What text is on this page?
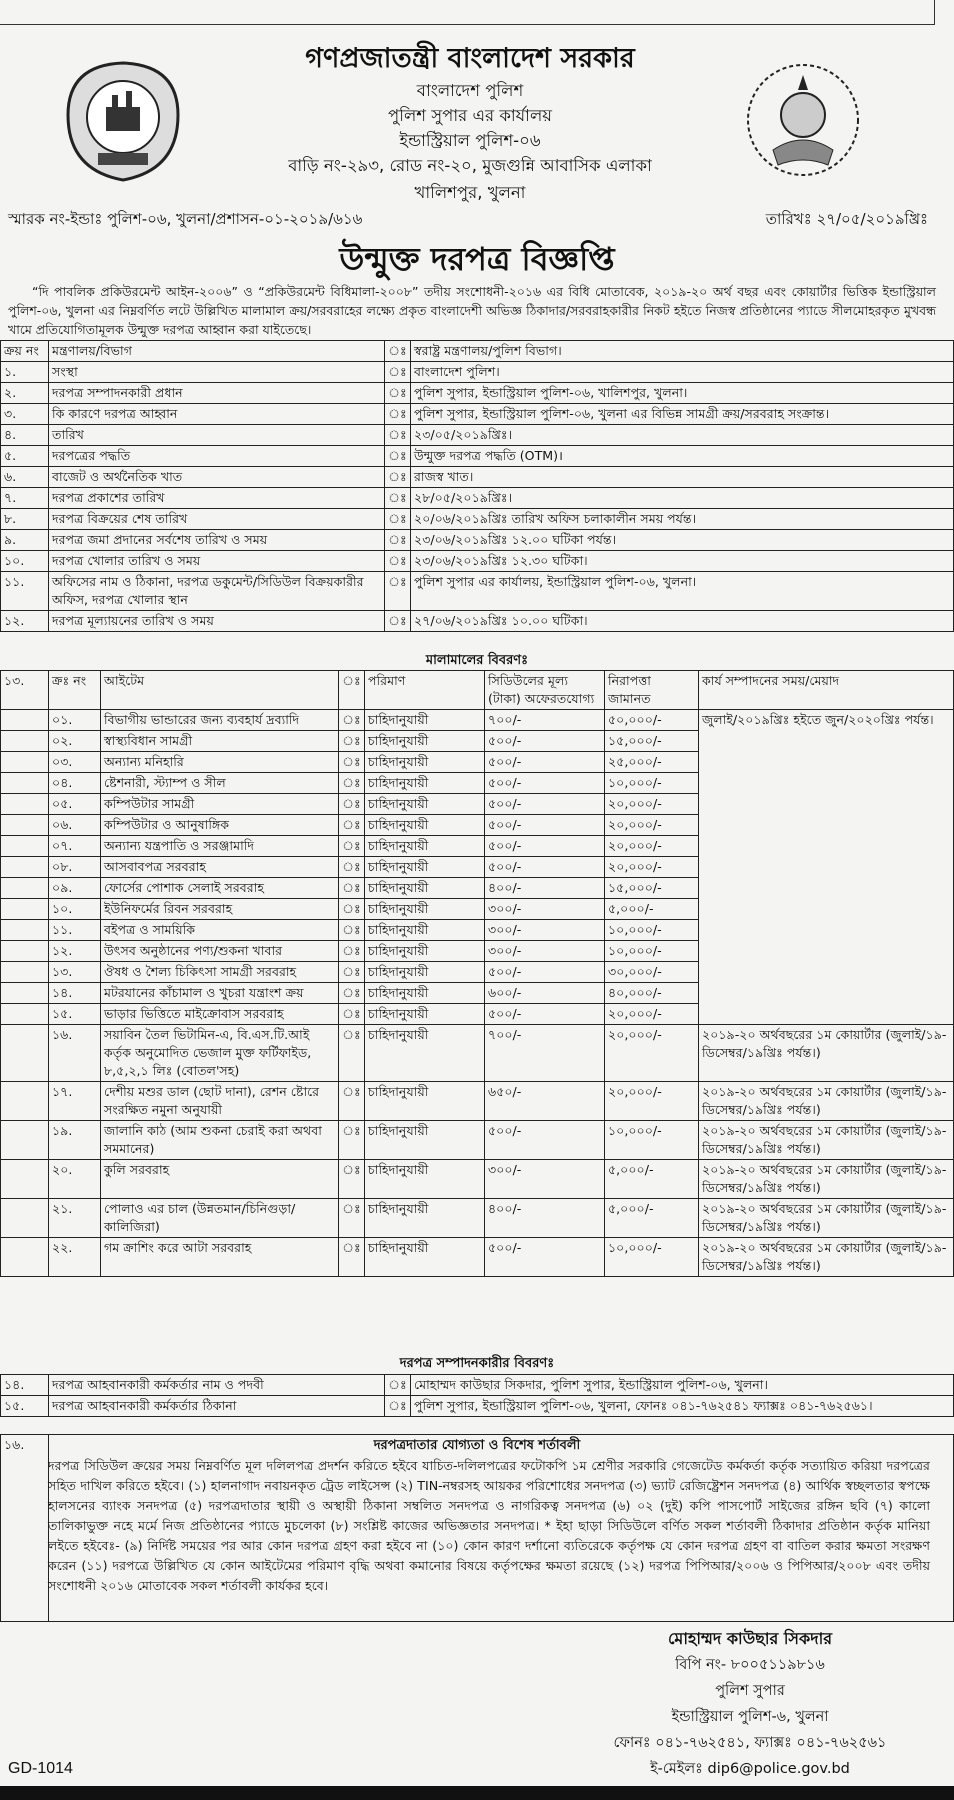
গণপ্রজাতন্ত্রী বাংলাদেশ সরকার
বাংলাদেশ পুলিশ
পুলিশ সুপার এর কার্যালয়
ইন্ডাস্ট্রিয়াল পুলিশ-০৬
বাড়ি নং-২৯৩, রোড নং-২০, মুজগুন্নি আবাসিক এলাকা
খালিশপুর, খুলনা
স্মারক নং-ইন্ডাঃ পুলিশ-০৬, খুলনা/প্রশাসন-০১-২০১৯/৬১৬	তারিখঃ ২৭/০৫/২০১৯খ্রিঃ
উন্মুক্ত দরপত্র বিজ্ঞপ্তি
“দি পাবলিক প্রকিউরমেন্ট আইন-২০০৬” ও “প্রকিউরমেন্ট বিধিমালা-২০০৮” তদীয় সংশোধনী-২০১৬ এর বিধি মোতাবেক, ২০১৯-২০ অর্থ বছর এবং কোয়ার্টার ভিত্তিক ইন্ডাস্ট্রিয়াল পুলিশ-০৬, খুলনা এর নিম্নবর্ণিত লটে উল্লিখিত মালামাল ক্রয়/সরবরাহের লক্ষ্যে প্রকৃত বাংলাদেশী অভিজ্ঞ ঠিকাদার/সরবরাহকারীর নিকট হইতে নিজস্ব প্রতিষ্ঠানের প্যাডে সীলমোহরকৃত মুখবন্ধ খামে প্রতিযোগিতামূলক উন্মুক্ত দরপত্র আহ্বান করা যাইতেছে।
ক্রয় নং	মন্ত্রণালয়/বিভাগ	ঃ	স্বরাষ্ট্র মন্ত্রণালয়/পুলিশ বিভাগ।
১.	সংস্থা	ঃ	বাংলাদেশ পুলিশ।
২.	দরপত্র সম্পাদনকারী প্রধান	ঃ	পুলিশ সুপার, ইন্ডাস্ট্রিয়াল পুলিশ-০৬, খালিশপুর, খুলনা।
৩.	কি কারণে দরপত্র আহ্বান	ঃ	পুলিশ সুপার, ইন্ডাস্ট্রিয়াল পুলিশ-০৬, খুলনা এর বিভিন্ন সামগ্রী ক্রয়/সরবরাহ সংক্রান্ত।
৪.	তারিখ	ঃ	২৩/০৫/২০১৯খ্রিঃ।
৫.	দরপত্রের পদ্ধতি	ঃ	উন্মুক্ত দরপত্র পদ্ধতি (OTM)।
৬.	বাজেট ও অর্থনৈতিক খাত	ঃ	রাজস্ব খাত।
৭.	দরপত্র প্রকাশের তারিখ	ঃ	২৮/০৫/২০১৯খ্রিঃ।
৮.	দরপত্র বিক্রয়ের শেষ তারিখ	ঃ	২০/০৬/২০১৯খ্রিঃ তারিখ অফিস চলাকালীন সময় পর্যন্ত।
৯.	দরপত্র জমা প্রদানের সর্বশেষ তারিখ ও সময়	ঃ	২৩/০৬/২০১৯খ্রিঃ ১২.০০ ঘটিকা পর্যন্ত।
১০.	দরপত্র খোলার তারিখ ও সময়	ঃ	২৩/০৬/২০১৯খ্রিঃ ১২.৩০ ঘটিকা।
১১.	অফিসের নাম ও ঠিকানা, দরপত্র ডকুমেন্ট/সিডিউল বিক্রয়কারীর অফিস, দরপত্র খোলার স্থান	ঃ	পুলিশ সুপার এর কার্যালয়, ইন্ডাস্ট্রিয়াল পুলিশ-০৬, খুলনা।
১২.	দরপত্র মূল্যায়নের তারিখ ও সময়	ঃ	২৭/০৬/২০১৯খ্রিঃ ১০.০০ ঘটিকা।
মালামালের বিবরণঃ
১৩.	ক্রঃ নং	আইটেম	ঃ	পরিমাণ	সিডিউলের মূল্য (টাকা) অফেরতযোগ্য	নিরাপত্তা জামানত	কার্য সম্পাদনের সময়/মেয়াদ
	০১.	বিভাগীয় ভান্ডারের জন্য ব্যবহার্য দ্রব্যাদি	ঃ	চাহিদানুযায়ী	৭০০/-	৫০,০০০/-	জুলাই/২০১৯খ্রিঃ হইতে জুন/২০২০খ্রিঃ পর্যন্ত।
	০২.	স্বাস্থ্যবিধান সামগ্রী	ঃ	চাহিদানুযায়ী	৫০০/-	১৫,০০০/-	
	০৩.	অন্যান্য মনিহারি	ঃ	চাহিদানুযায়ী	৫০০/-	২৫,০০০/-	
	০৪.	ষ্টেশনারী, স্ট্যাম্প ও সীল	ঃ	চাহিদানুযায়ী	৫০০/-	১০,০০০/-	
	০৫.	কম্পিউটার সামগ্রী	ঃ	চাহিদানুযায়ী	৫০০/-	২০,০০০/-	
	০৬.	কম্পিউটার ও আনুষাঙ্গিক	ঃ	চাহিদানুযায়ী	৫০০/-	২০,০০০/-	
	০৭.	অন্যান্য যন্ত্রপাতি ও সরঞ্জামাদি	ঃ	চাহিদানুযায়ী	৫০০/-	২০,০০০/-	
	০৮.	আসবাবপত্র সরবরাহ	ঃ	চাহিদানুযায়ী	৫০০/-	২০,০০০/-	
	০৯.	ফোর্সের পোশাক সেলাই সরবরাহ	ঃ	চাহিদানুযায়ী	৪০০/-	১৫,০০০/-	
	১০.	ইউনিফর্মের রিবন সরবরাহ	ঃ	চাহিদানুযায়ী	৩০০/-	৫,০০০/-	
	১১.	বইপত্র ও সাময়িকি	ঃ	চাহিদানুযায়ী	৩০০/-	১০,০০০/-	
	১২.	উৎসব অনুষ্ঠানের পণ্য/শুকনা খাবার	ঃ	চাহিদানুযায়ী	৩০০/-	১০,০০০/-	
	১৩.	ঔষধ ও শৈল্য চিকিৎসা সামগ্রী সরবরাহ	ঃ	চাহিদানুযায়ী	৫০০/-	৩০,০০০/-	
	১৪.	মটরযানের কাঁচামাল ও খুচরা যন্ত্রাংশ ক্রয়	ঃ	চাহিদানুযায়ী	৬০০/-	৪০,০০০/-	
	১৫.	ভাড়ার ভিত্তিতে মাইক্রোবাস সরবরাহ	ঃ	চাহিদানুযায়ী	৫০০/-	২০,০০০/-	
	১৬.	সয়াবিন তৈল ভিটামিন-এ, বি.এস.টি.আই কর্তৃক অনুমোদিত ভেজাল মুক্ত ফর্টিফাইড, ৮,৫,২,১ লিঃ (বোতল'সহ)	ঃ	চাহিদানুযায়ী	৭০০/-	২০,০০০/-	২০১৯-২০ অর্থবছরের ১ম কোয়ার্টার (জুলাই/১৯-ডিসেম্বর/১৯খ্রিঃ পর্যন্ত।)
	১৭.	দেশীয় মশুর ডাল (ছোট দানা), রেশন ষ্টোরে সংরক্ষিত নমুনা অনুযায়ী	ঃ	চাহিদানুযায়ী	৬৫০/-	২০,০০০/-	২০১৯-২০ অর্থবছরের ১ম কোয়ার্টার (জুলাই/১৯-ডিসেম্বর/১৯খ্রিঃ পর্যন্ত।)
	১৯.	জালানি কাঠ (আম শুকনা চেরাই করা অথবা সমমানের)	ঃ	চাহিদানুযায়ী	৫০০/-	১০,০০০/-	২০১৯-২০ অর্থবছরের ১ম কোয়ার্টার (জুলাই/১৯-ডিসেম্বর/১৯খ্রিঃ পর্যন্ত।)
	২০.	কুলি সরবরাহ	ঃ	চাহিদানুযায়ী	৩০০/-	৫,০০০/-	২০১৯-২০ অর্থবছরের ১ম কোয়ার্টার (জুলাই/১৯-ডিসেম্বর/১৯খ্রিঃ পর্যন্ত।)
	২১.	পোলাও এর চাল (উন্নতমান/চিনিগুড়া/কালিজিরা)	ঃ	চাহিদানুযায়ী	৪০০/-	৫,০০০/-	২০১৯-২০ অর্থবছরের ১ম কোয়ার্টার (জুলাই/১৯-ডিসেম্বর/১৯খ্রিঃ পর্যন্ত।)
	২২.	গম ক্রাশিং করে আটা সরবরাহ	ঃ	চাহিদানুযায়ী	৫০০/-	১০,০০০/-	২০১৯-২০ অর্থবছরের ১ম কোয়ার্টার (জুলাই/১৯-ডিসেম্বর/১৯খ্রিঃ পর্যন্ত।)
দরপত্র সম্পাদনকারীর বিবরণঃ
১৪.	দরপত্র আহবানকারী কর্মকর্তার নাম ও পদবী	ঃ	মোহাম্মদ কাউছার সিকদার, পুলিশ সুপার, ইন্ডাস্ট্রিয়াল পুলিশ-০৬, খুলনা।
১৫.	দরপত্র আহবানকারী কর্মকর্তার ঠিকানা	ঃ	পুলিশ সুপার, ইন্ডাস্ট্রিয়াল পুলিশ-০৬, খুলনা, ফোনঃ ০৪১-৭৬২৫৪১ ফ্যাক্সঃ ০৪১-৭৬২৫৬১।
১৬.		দরপত্রদাতার যোগ্যতা ও বিশেষ শর্তাবলী
দরপত্র সিডিউল ক্রয়ের সময় নিম্নবর্ণিত মূল দলিলপত্র প্রদর্শন করিতে হইবে যাচিত-দলিলপত্রের ফটোকপি ১ম শ্রেণীর সরকারি গেজেটেড কর্মকর্তা কর্তৃক সত্যায়িত করিয়া দরপত্রের সহিত দাখিল করিতে হইবে। (১) হালনাগাদ নবায়নকৃত ট্রেড লাইসেন্স (২) TIN-নম্বরসহ আয়কর পরিশোধের সনদপত্র (৩) ভ্যাট রেজিষ্ট্রেশন সনদপত্র (৪) আর্থিক স্বচ্ছলতার স্বপক্ষে হালসনের ব্যাংক সনদপত্র (৫) দরপত্রদাতার স্থায়ী ও অস্থায়ী ঠিকানা সম্বলিত সনদপত্র ও নাগরিকত্ব সনদপত্র (৬) ০২ (দুই) কপি পাসপোর্ট সাইজের রঙ্গিন ছবি (৭) কালো তালিকাভুক্ত নহে মর্মে নিজ প্রতিষ্ঠানের প্যাডে মুচলেকা (৮) সংশ্লিষ্ট কাজের অভিজ্ঞতার সনদপত্র। * ইহা ছাড়া সিডিউলে বর্ণিত সকল শর্তাবলী ঠিকাদার প্রতিষ্ঠান কর্তৃক মানিয়া লইতে হইবেঃ- (৯) নির্দিষ্ট সময়ের পর আর কোন দরপত্র গ্রহণ করা হইবে না (১০) কোন কারণ দর্শানো ব্যতিরেকে কর্তৃপক্ষ যে কোন দরপত্র গ্রহণ বা বাতিল করার ক্ষমতা সংরক্ষণ করেন (১১) দরপত্রে উল্লিখিত যে কোন আইটেমের পরিমাণ বৃদ্ধি অথবা কমানোর বিষয়ে কর্তৃপক্ষের ক্ষমতা রয়েছে (১২) দরপত্র পিপিআর/২০০৬ ও পিপিআর/২০০৮ এবং তদীয় সংশোধনী ২০১৬ মোতাবেক সকল শর্তাবলী কার্যকর হবে।
মোহাম্মদ কাউছার সিকদার
বিপি নং- ৮০০৫১১৯৮১৬
পুলিশ সুপার
ইন্ডাস্ট্রিয়াল পুলিশ-৬, খুলনা
ফোনঃ ০৪১-৭৬২৫৪১, ফ্যাক্সঃ ০৪১-৭৬২৫৬১
ই-মেইলঃ dip6@police.gov.bd
GD-1014
